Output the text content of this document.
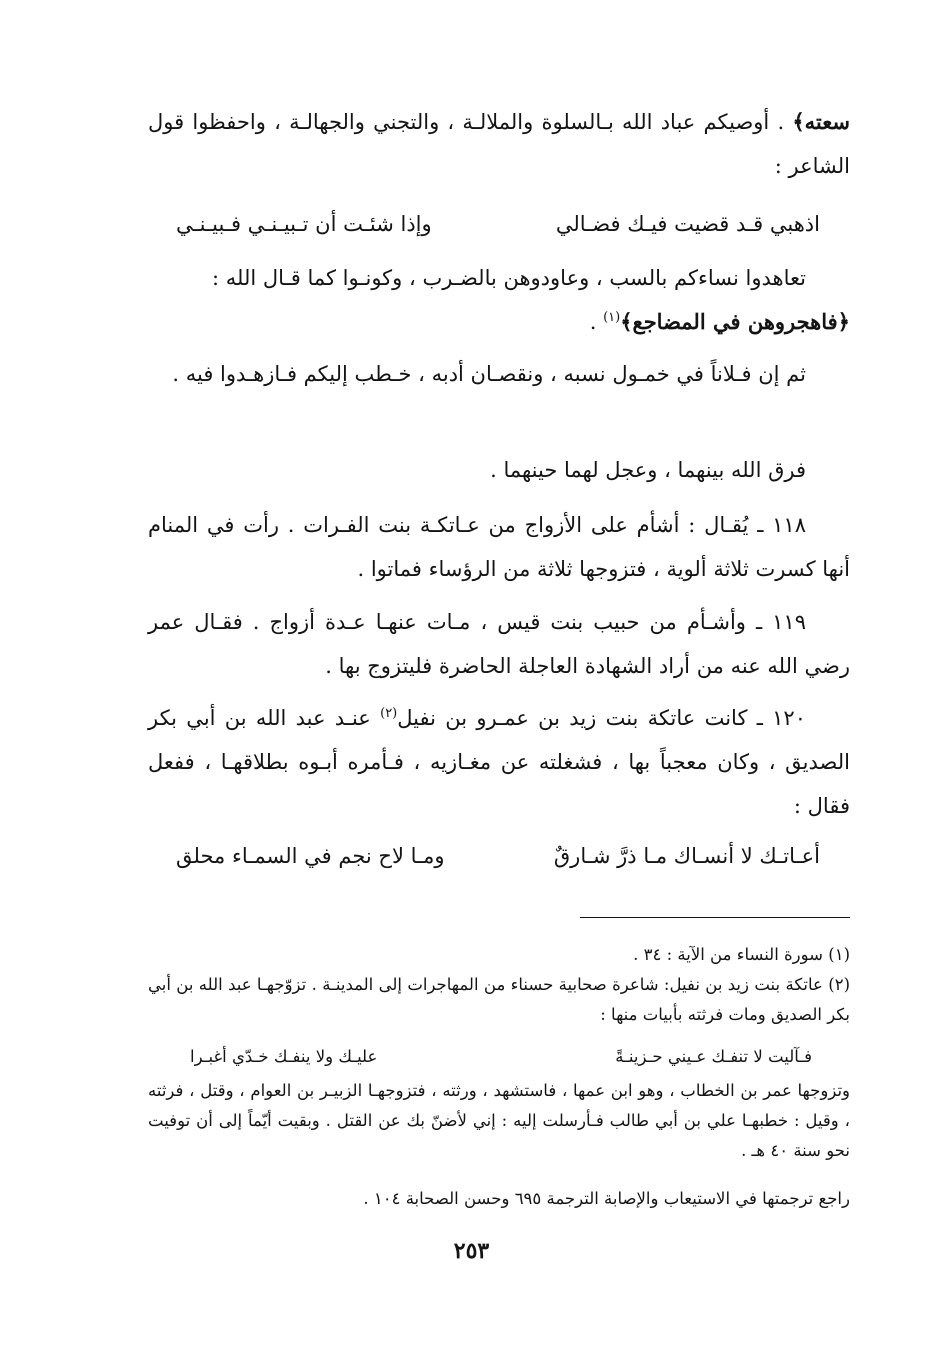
سعته﴾ . أوصيكم عباد الله بـالسلوة والملالـة ، والتجني والجهالـة ، واحفظوا قول الشاعر :
اذهبي قـد قضيت فيـك فضـالي
وإذا شئـت أن تـبيـنـي فـبيـنـي
تعاهدوا نساءكم بالسب ، وعاودوهن بالضـرب ، وكونـوا كما قـال الله :
﴿فاهجروهن في المضاجع﴾$^{(١)}$ .
ثم إن فـلاناً في خمـول نسبه ، ونقصـان أدبه ، خـطب إليكم فـازهـدوا فيه .
فرق الله بينهما ، وعجل لهما حينهما .
١١٨ ـ يُقـال : أشأم على الأزواج من عـاتكـة بنت الفـرات . رأت في المنام أنها كسرت ثلاثة ألوية ، فتزوجها ثلاثة من الرؤساء فماتوا .
١١٩ ـ وأشـأم من حبيب بنت قيس ، مـات عنهـا عـدة أزواج . فقـال عمر رضي الله عنه من أراد الشهادة العاجلة الحاضرة فليتزوج بها .
١٢٠ ـ كانت عاتكة بنت زيد بن عمـرو بن نفيل$^{(٢)}$ عنـد عبد الله بن أبي بكر الصديق ، وكان معجباً بها ، فشغلته عن مغـازيه ، فـأمره أبـوه بطلاقهـا ، ففعل فقال :
أعـاتـك لا أنسـاك مـا ذرَّ شـارقٌ
ومـا لاح نجم في السمـاء محلق
(١) سورة النساء من الآية : ٣٤ .
(٢) عاتكة بنت زيد بن نفيل: شاعرة صحابية حسناء من المهاجرات إلى المدينـة . تزوّجهـا عبد الله بن أبي بكر الصديق ومات فرثته بأبيات منها :
فـآليت لا تنفـك عـيني حـزينـةً
عليـك ولا ينفـك خـدّي أغبـرا
وتزوجها عمر بن الخطاب ، وهو ابن عمها ، فاستشهد ، ورثته ، فتزوجهـا الزبيـر بن العوام ، وقتل ، فرثته ، وقيل : خطبهـا علي بن أبي طالب فـأرسلت إليه : إني لأضنّ بك عن القتل . وبقيت أيّماً إلى أن توفيت نحو سنة ٤٠ هـ .
راجع ترجمتها في الاستيعاب والإصابة الترجمة ٦٩٥ وحسن الصحابة ١٠٤ .
٢٥٣
